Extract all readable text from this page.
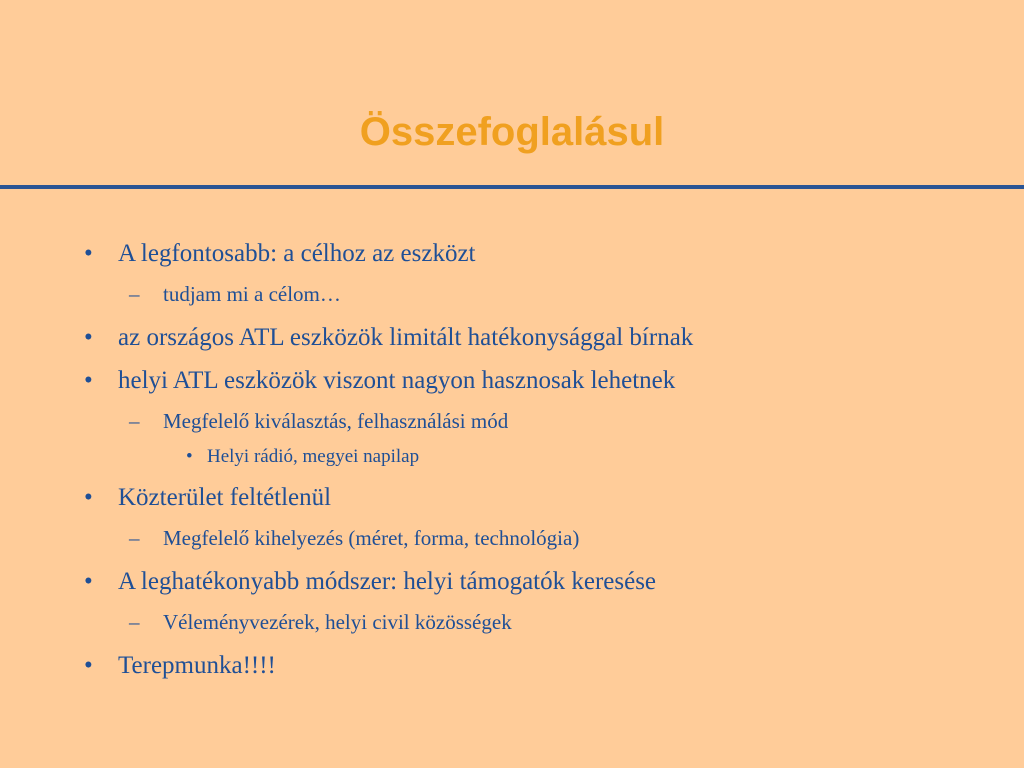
Összefoglalásul
• A legfontosabb: a célhoz az eszközt
– tudjam mi a célom…
• az országos ATL eszközök limitált hatékonysággal bírnak
• helyi ATL eszközök viszont nagyon hasznosak lehetnek
– Megfelelő kiválasztás, felhasználási mód
• Helyi rádió, megyei napilap
• Közterület feltétlenül
– Megfelelő kihelyezés (méret, forma, technológia)
• A leghatékonyabb módszer: helyi támogatók keresése
– Véleményvezérek, helyi civil közösségek
• Terepmunka!!!!
